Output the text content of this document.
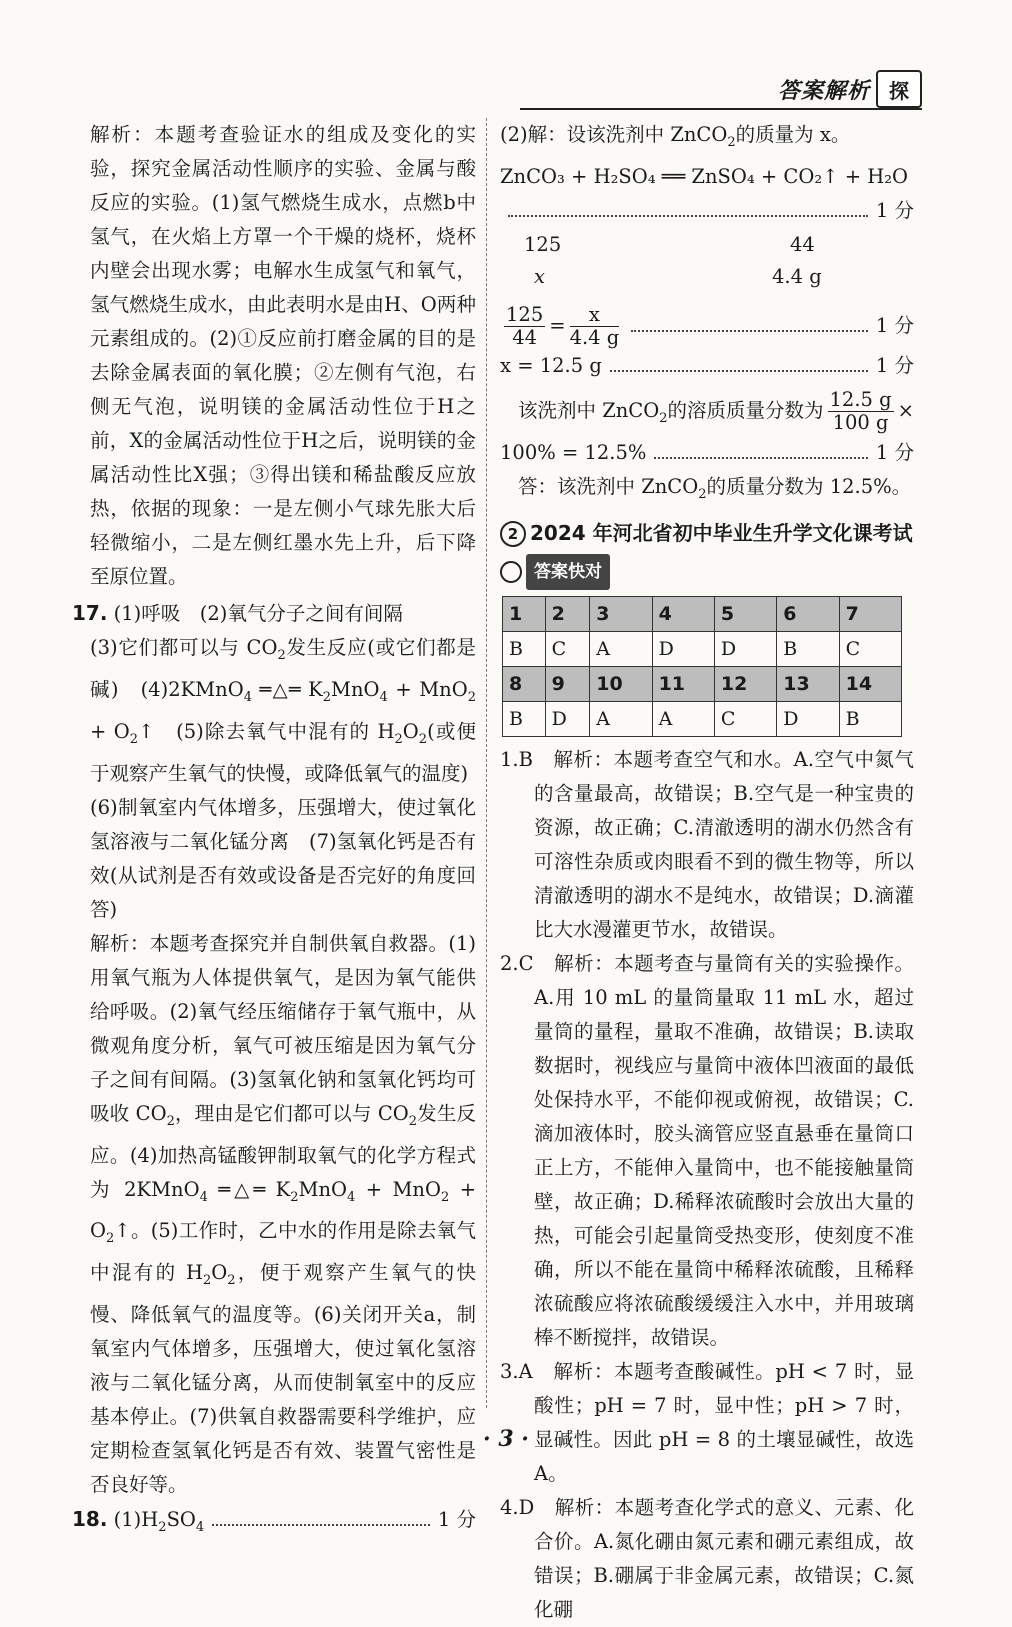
答案解析 探

解析：本题考查验证水的组成及变化的实验，探究金属活动性顺序的实验、金属与酸反应的实验。(1)氢气燃烧生成水，点燃b中氢气，在火焰上方罩一个干燥的烧杯，烧杯内壁会出现水雾；电解水生成氢气和氧气，氢气燃烧生成水，由此表明水是由H、O两种元素组成的。(2)①反应前打磨金属的目的是去除金属表面的氧化膜；②左侧有气泡，右侧无气泡，说明镁的金属活动性位于H之前，X的金属活动性位于H之后，说明镁的金属活动性比X强；③得出镁和稀盐酸反应放热，依据的现象：一是左侧小气球先胀大后轻微缩小，二是左侧红墨水先上升，后下降至原位置。

17. (1)呼吸　(2)氧气分子之间有间隔

(3)它们都可以与 $CO_2$发生反应(或它们都是碱)　(4)2KMnO$_4$ ═△═ $K_2MnO_4 + MnO_2$ + $O_2↑$　(5)除去氧气中混有的 $H_2O_2$(或便于观察产生氧气的快慢，或降低氧气的温度)

(6)制氧室内气体增多，压强增大，使过氧化氢溶液与二氧化锰分离　(7)氢氧化钙是否有效(从试剂是否有效或设备是否完好的角度回答)

解析：本题考查探究并自制供氧自救器。(1)用氧气瓶为人体提供氧气，是因为氧气能供给呼吸。(2)氧气经压缩储存于氧气瓶中，从微观角度分析，氧气可被压缩是因为氧气分子之间有间隔。(3)氢氧化钠和氢氧化钙均可吸收 $CO_2$，理由是它们都可以与 $CO_2$发生反应。(4)加热高锰酸钾制取氧气的化学方程式为 2KMnO$_4$ ═△═ $K_2MnO_4 + MnO_2$ + $O_2↑$。(5)工作时，乙中水的作用是除去氧气中混有的 $H_2O_2$，便于观察产生氧气的快慢、降低氧气的温度等。(6)关闭开关a，制氧室内气体增多，压强增大，使过氧化氢溶液与二氧化锰分离，从而使制氧室中的反应基本停止。(7)供氧自救器需要科学维护，应定期检查氢氧化钙是否有效、装置气密性是否良好等。

18. $(1)H_2SO_4$	1 分

(2)解：设该洗剂中 ZnCO$_2$的质量为 x。

ZnCO₃ + H₂SO₄ ══ ZnSO₄ + CO₂↑ + H₂O

1 分
125	44
x	4.4 g
$\frac{125}{44} = \frac{x}{4.4 g}$	1 分
x = 12.5 g	1 分

该洗剂中 ZnCO$_2$的溶质质量分数为 $\frac{12.5 g}{100 g}$ ×

100% = 12.5%	1 分

答：该洗剂中 ZnCO$_2$的质量分数为 12.5%。

2 2024 年河北省初中毕业生升学文化课考试
答案快对
1	2	3	4	5	6	7
B	C	A	D	D	B	C
8	9	10	11	12	13	14
B	D	A	A	C	D	B

1.B　解析：本题考查空气和水。A.空气中氮气的含量最高，故错误；B.空气是一种宝贵的资源，故正确；C.清澈透明的湖水仍然含有可溶性杂质或肉眼看不到的微生物等，所以清澈透明的湖水不是纯水，故错误；D.滴灌比大水漫灌更节水，故错误。

2.C　解析：本题考查与量筒有关的实验操作。A.用 10 mL 的量筒量取 11 mL 水，超过量筒的量程，量取不准确，故错误；B.读取数据时，视线应与量筒中液体凹液面的最低处保持水平，不能仰视或俯视，故错误；C.滴加液体时，胶头滴管应竖直悬垂在量筒口正上方，不能伸入量筒中，也不能接触量筒壁，故正确；D.稀释浓硫酸时会放出大量的热，可能会引起量筒受热变形，使刻度不准确，所以不能在量筒中稀释浓硫酸，且稀释浓硫酸应将浓硫酸缓缓注入水中，并用玻璃棒不断搅拌，故错误。

3.A　解析：本题考查酸碱性。pH < 7 时，显酸性；pH = 7 时，显中性；pH > 7 时，显碱性。因此 pH = 8 的土壤显碱性，故选 A。

4.D　解析：本题考查化学式的意义、元素、化合价。A.氮化硼由氮元素和硼元素组成，故错误；B.硼属于非金属元素，故错误；C.氮化硼

· 3 ·
